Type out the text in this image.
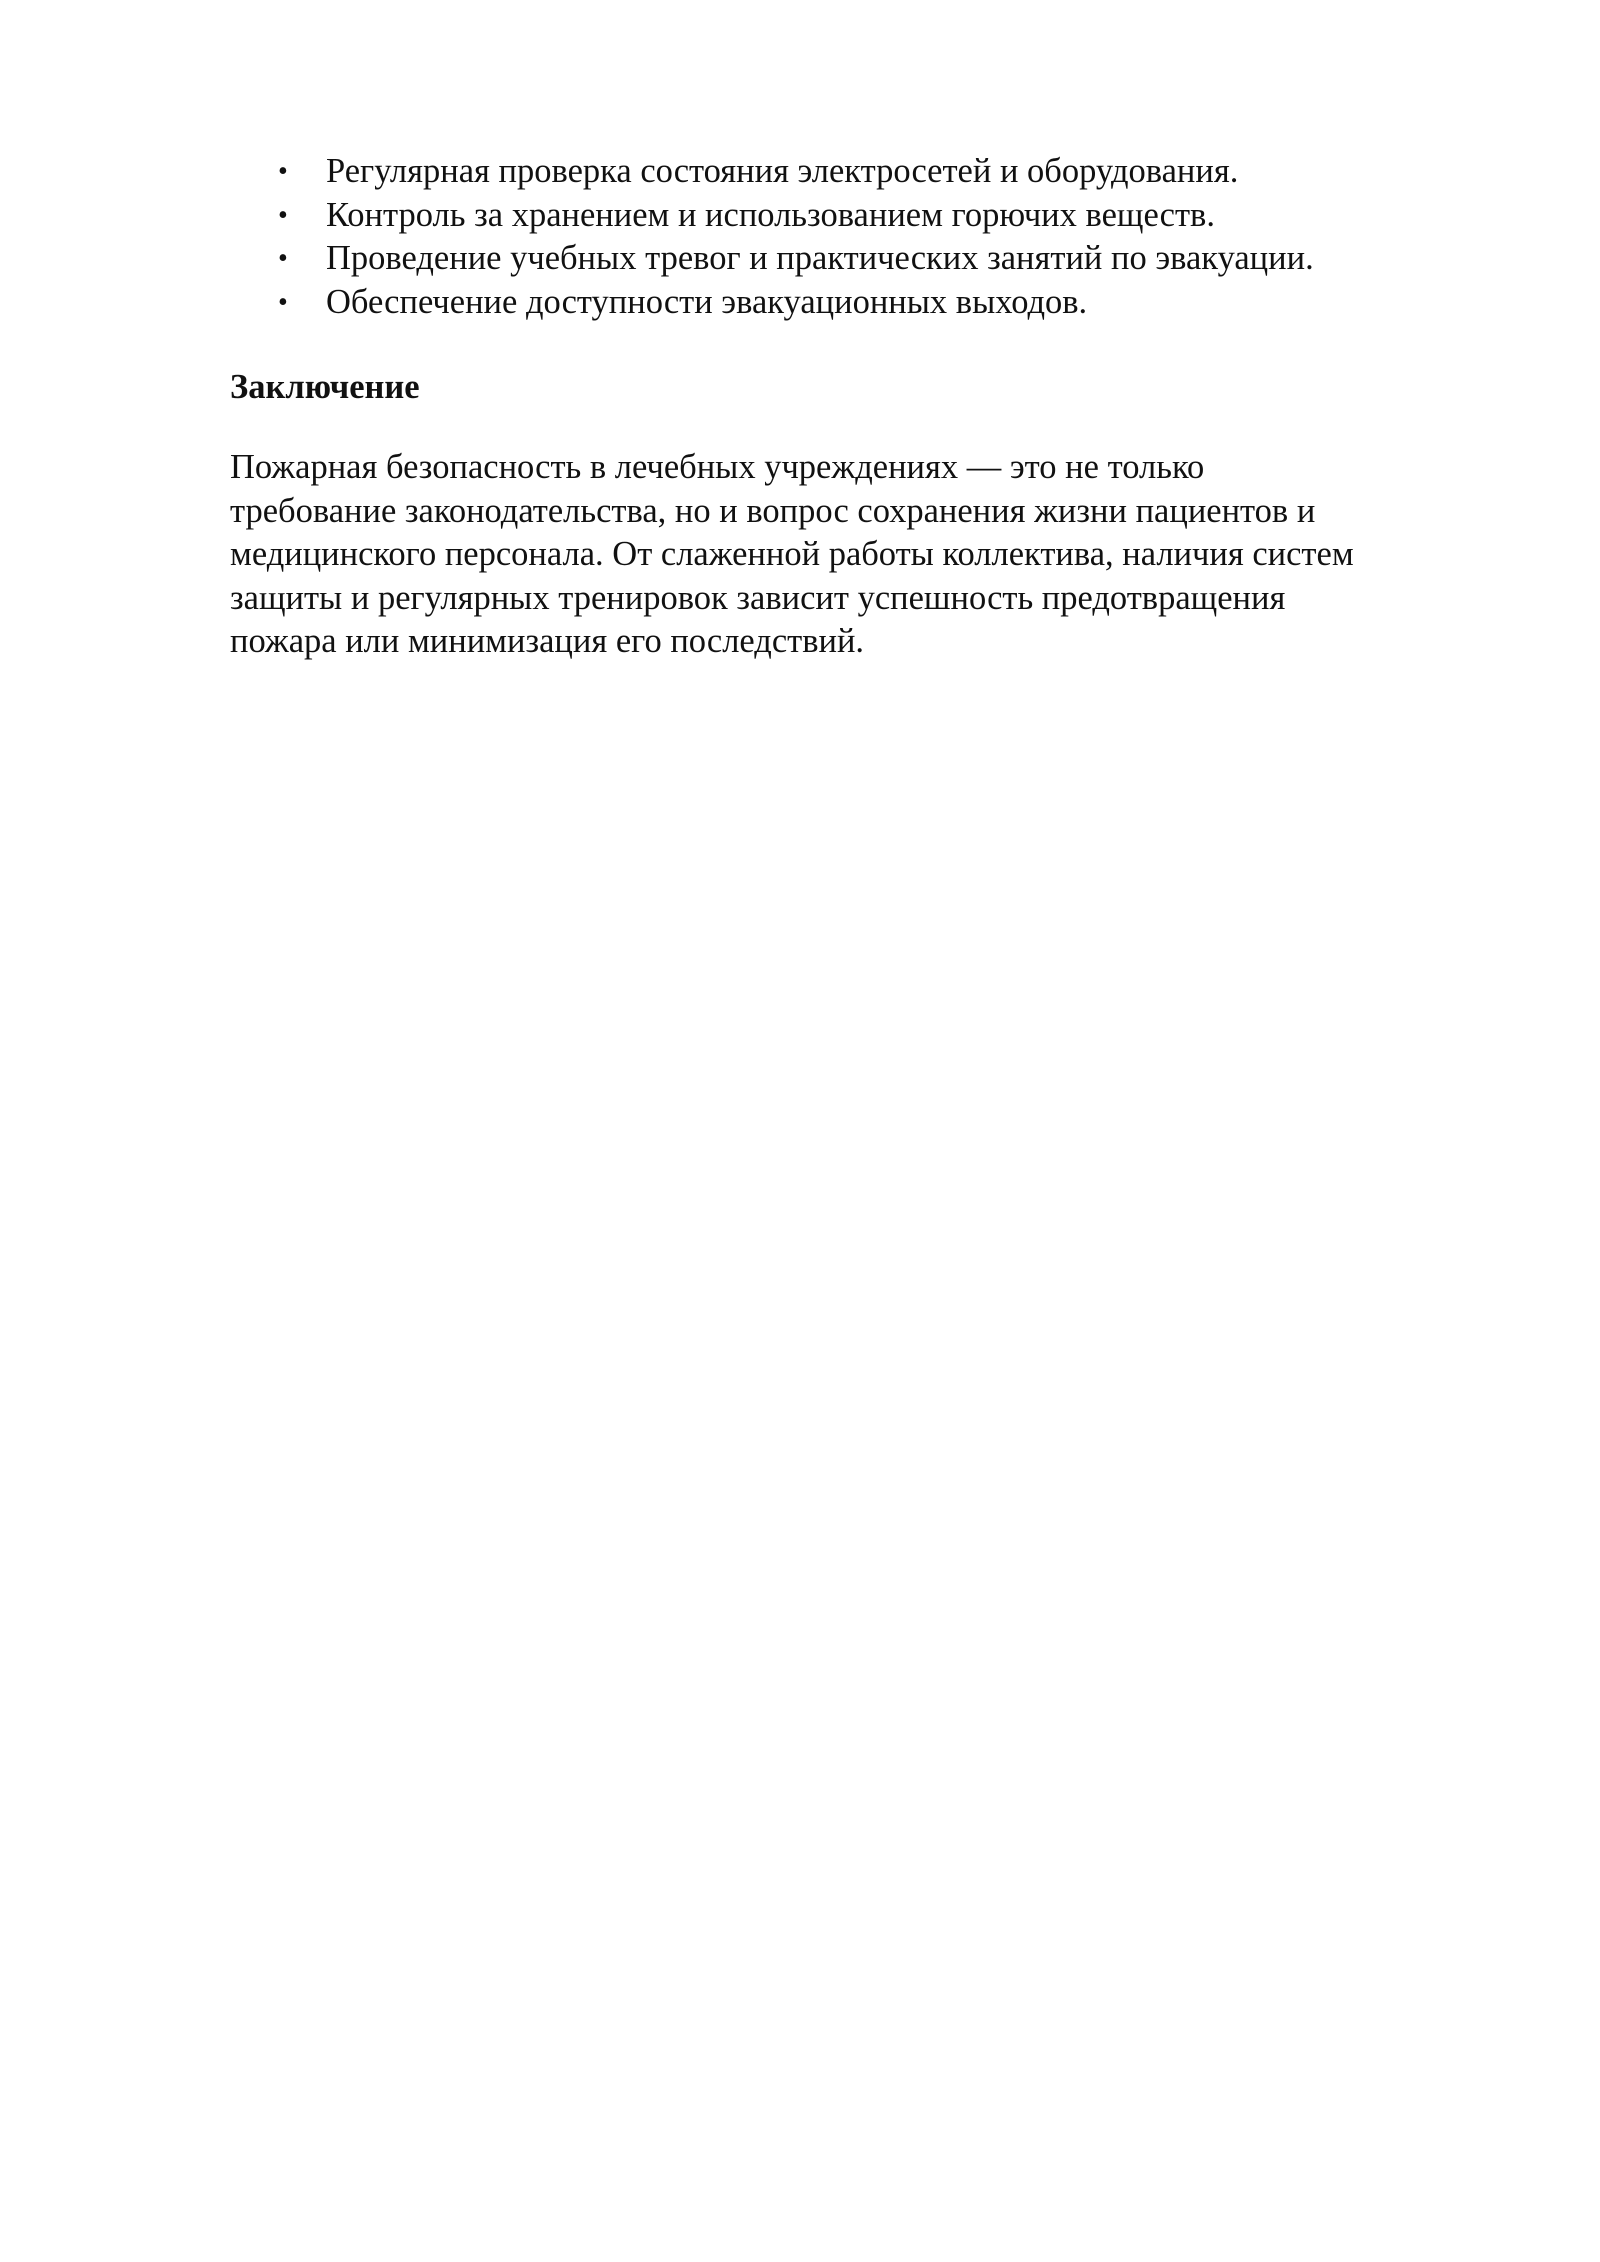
• Регулярная проверка состояния электросетей и оборудования.
• Контроль за хранением и использованием горючих веществ.
• Проведение учебных тревог и практических занятий по эвакуации.
• Обеспечение доступности эвакуационных выходов.
Заключение

Пожарная безопасность в лечебных учреждениях — это не только
требование законодательства, но и вопрос сохранения жизни пациентов и
медицинского персонала. От слаженной работы коллектива, наличия систем
защиты и регулярных тренировок зависит успешность предотвращения
пожара или минимизация его последствий.
